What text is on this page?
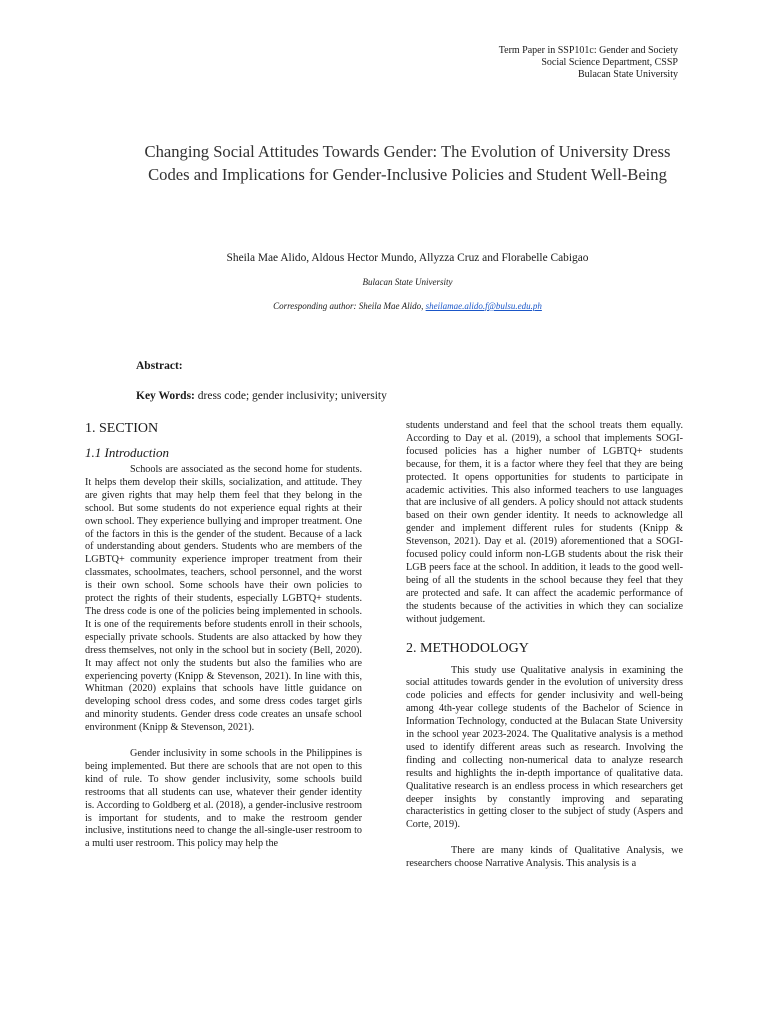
Term Paper in SSP101c: Gender and Society
Social Science Department, CSSP
Bulacan State University
Changing Social Attitudes Towards Gender: The Evolution of University Dress Codes and Implications for Gender-Inclusive Policies and Student Well-Being
Sheila Mae Alido, Aldous Hector Mundo, Allyzza Cruz and Florabelle Cabigao
Bulacan State University
Corresponding author: Sheila Mae Alido, sheilamae.alido.f@bulsu.edu.ph
Abstract:
Key Words: dress code; gender inclusivity; university

1. SECTION

1.1 Introduction

Schools are associated as the second home for students. It helps them develop their skills, socialization, and attitude. They are given rights that may help them feel that they belong in the school. But some students do not experience equal rights at their own school. They experience bullying and improper treatment. One of the factors in this is the gender of the student. Because of a lack of understanding about genders. Students who are members of the LGBTQ+ community experience improper treatment from their classmates, schoolmates, teachers, school personnel, and the worst is their own school. Some schools have their own policies to protect the rights of their students, especially LGBTQ+ students. The dress code is one of the policies being implemented in schools. It is one of the requirements before students enroll in their schools, especially private schools. Students are also attacked by how they dress themselves, not only in the school but in society (Bell, 2020). It may affect not only the students but also the families who are experiencing poverty (Knipp & Stevenson, 2021). In line with this, Whitman (2020) explains that schools have little guidance on developing school dress codes, and some dress codes target girls and minority students. Gender dress code creates an unsafe school environment (Knipp & Stevenson, 2021).

Gender inclusivity in some schools in the Philippines is being implemented. But there are schools that are not open to this kind of rule. To show gender inclusivity, some schools build restrooms that all students can use, whatever their gender identity is. According to Goldberg et al. (2018), a gender-inclusive restroom is important for students, and to make the restroom gender inclusive, institutions need to change the all-single-user restroom to a multi user restroom. This policy may help the

students understand and feel that the school treats them equally. According to Day et al. (2019), a school that implements SOGI-focused policies has a higher number of LGBTQ+ students because, for them, it is a factor where they feel that they are being protected. It opens opportunities for students to participate in academic activities. This also informed teachers to use languages that are inclusive of all genders. A policy should not attack students based on their own gender identity. It needs to acknowledge all gender and implement different rules for students (Knipp & Stevenson, 2021). Day et al. (2019) aforementioned that a SOGI-focused policy could inform non-LGB students about the risk their LGB peers face at the school. In addition, it leads to the good well-being of all the students in the school because they feel that they are protected and safe. It can affect the academic performance of the students because of the activities in which they can socialize without judgement.

2. METHODOLOGY

This study use Qualitative analysis in examining the social attitudes towards gender in the evolution of university dress code policies and effects for gender inclusivity and well-being among 4th-year college students of the Bachelor of Science in Information Technology, conducted at the Bulacan State University in the school year 2023-2024. The Qualitative analysis is a method used to identify different areas such as research. Involving the finding and collecting non-numerical data to analyze research results and highlights the in-depth importance of qualitative data. Qualitative research is an endless process in which researchers get deeper insights by constantly improving and separating characteristics in getting closer to the subject of study (Aspers and Corte, 2019).

There are many kinds of Qualitative Analysis, we researchers choose Narrative Analysis. This analysis is a
